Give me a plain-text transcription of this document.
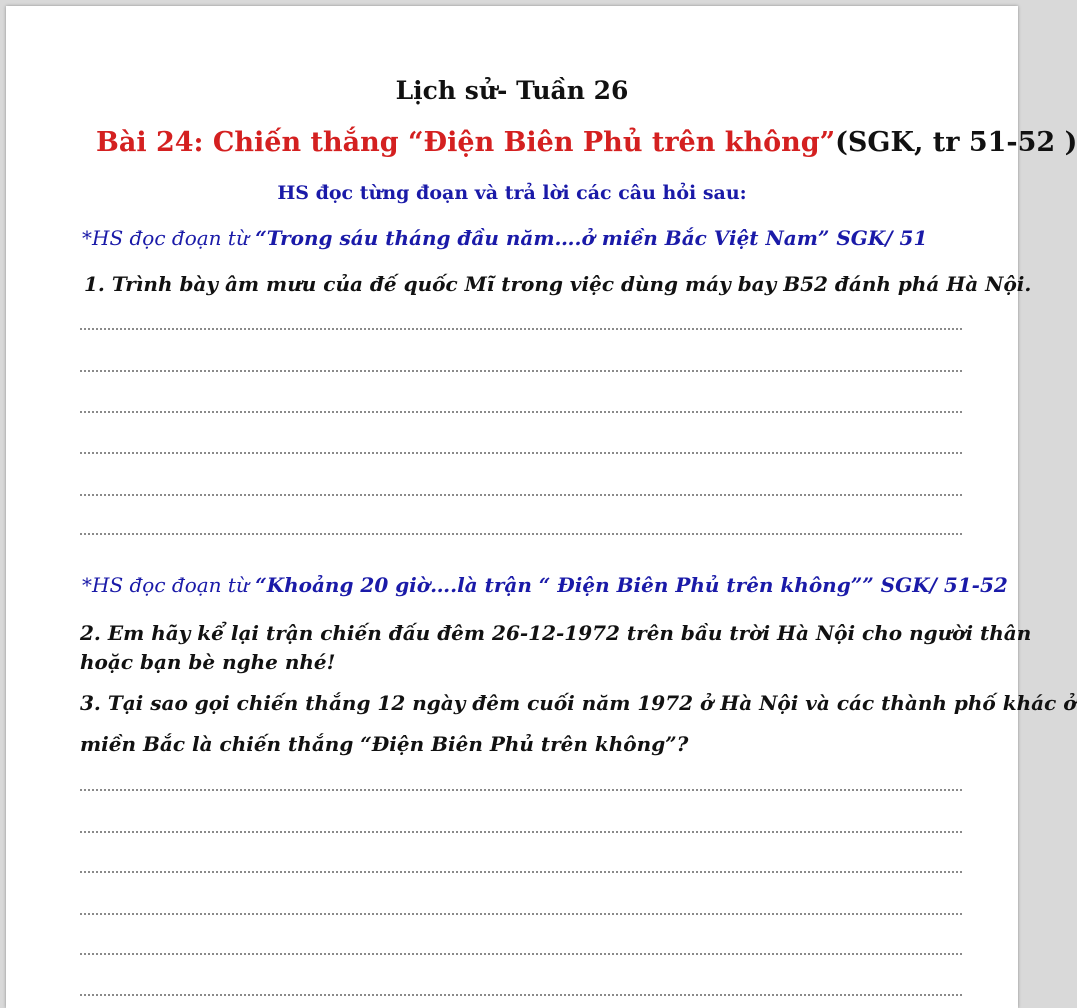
Lịch sử- Tuần 26
Bài 24: Chiến thắng “Điện Biên Phủ trên không”(SGK, tr 51-52 )
HS đọc từng đoạn và trả lời các câu hỏi sau:
*HS đọc đoạn từ “Trong sáu tháng đầu năm….ở miền Bắc Việt Nam” SGK/ 51
1. Trình bày âm mưu của đế quốc Mĩ trong việc dùng máy bay B52 đánh phá Hà Nội.
*HS đọc đoạn từ “Khoảng 20 giờ….là trận “ Điện Biên Phủ trên không”” SGK/ 51-52
2. Em hãy kể lại trận chiến đấu đêm 26-12-1972 trên bầu trời Hà Nội cho người thân
hoặc bạn bè nghe nhé!
3. Tại sao gọi chiến thắng 12 ngày đêm cuối năm 1972 ở Hà Nội và các thành phố khác ở
miền Bắc là chiến thắng “Điện Biên Phủ trên không”?
